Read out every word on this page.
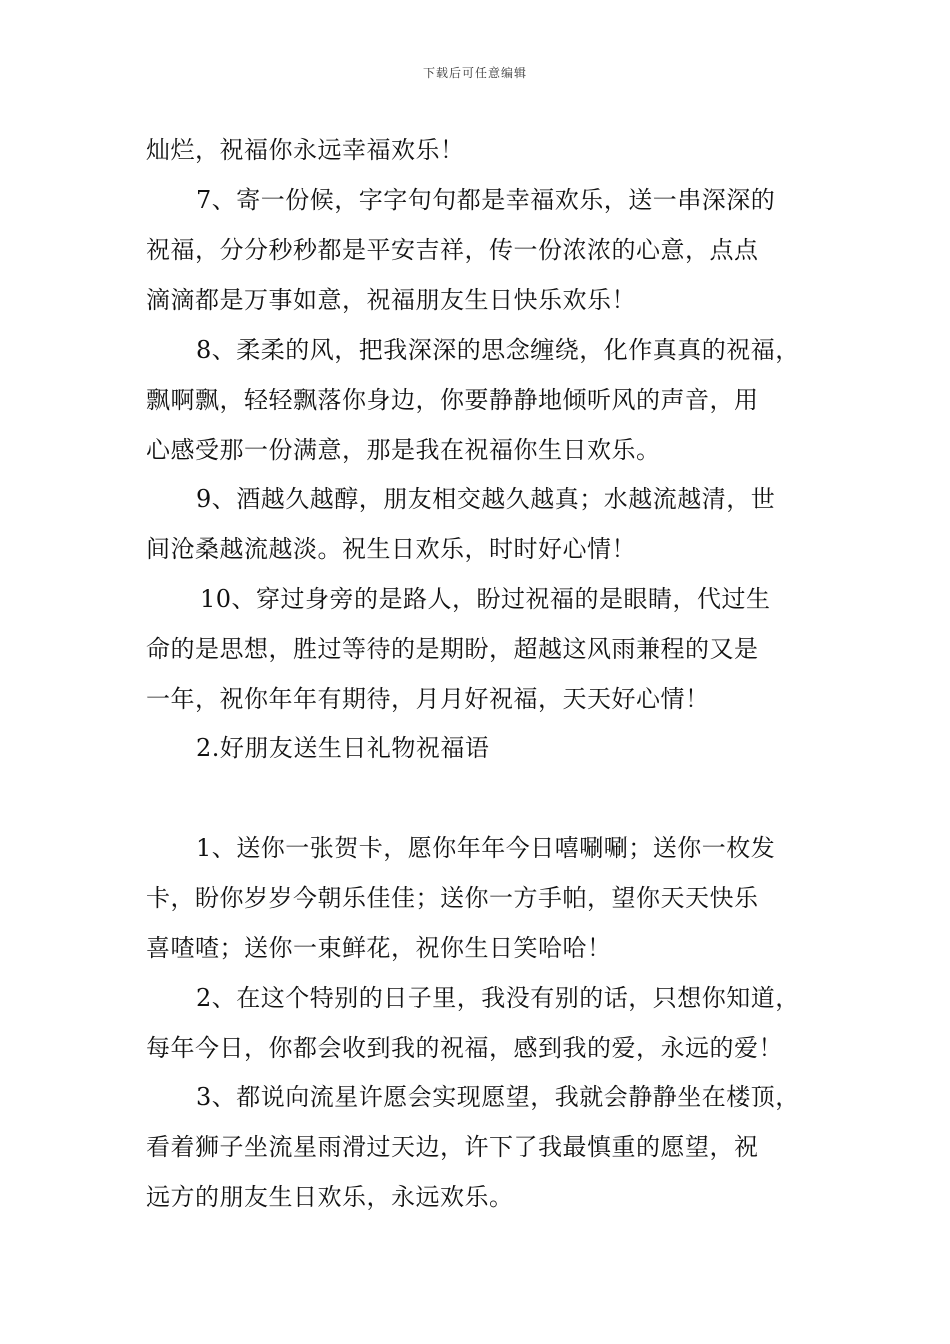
下载后可任意编辑
灿烂，祝福你永远幸福欢乐！
7、寄一份候，字字句句都是幸福欢乐，送一串深深的
祝福，分分秒秒都是平安吉祥，传一份浓浓的心意，点点
滴滴都是万事如意，祝福朋友生日快乐欢乐！
8、柔柔的风，把我深深的思念缠绕，化作真真的祝福，
飘啊飘，轻轻飘落你身边，你要静静地倾听风的声音，用
心感受那一份满意，那是我在祝福你生日欢乐。
9、酒越久越醇，朋友相交越久越真；水越流越清，世
间沧桑越流越淡。祝生日欢乐，时时好心情！
10、穿过身旁的是路人，盼过祝福的是眼睛，代过生
命的是思想，胜过等待的是期盼，超越这风雨兼程的又是
一年，祝你年年有期待，月月好祝福，天天好心情！
2.好朋友送生日礼物祝福语
1、送你一张贺卡，愿你年年今日嘻唰唰；送你一枚发
卡，盼你岁岁今朝乐佳佳；送你一方手帕，望你天天快乐
喜喳喳；送你一束鲜花，祝你生日笑哈哈！
2、在这个特别的日子里，我没有别的话，只想你知道，
每年今日，你都会收到我的祝福，感到我的爱，永远的爱！
3、都说向流星许愿会实现愿望，我就会静静坐在楼顶，
看着狮子坐流星雨滑过天边，许下了我最慎重的愿望，祝
远方的朋友生日欢乐，永远欢乐。
